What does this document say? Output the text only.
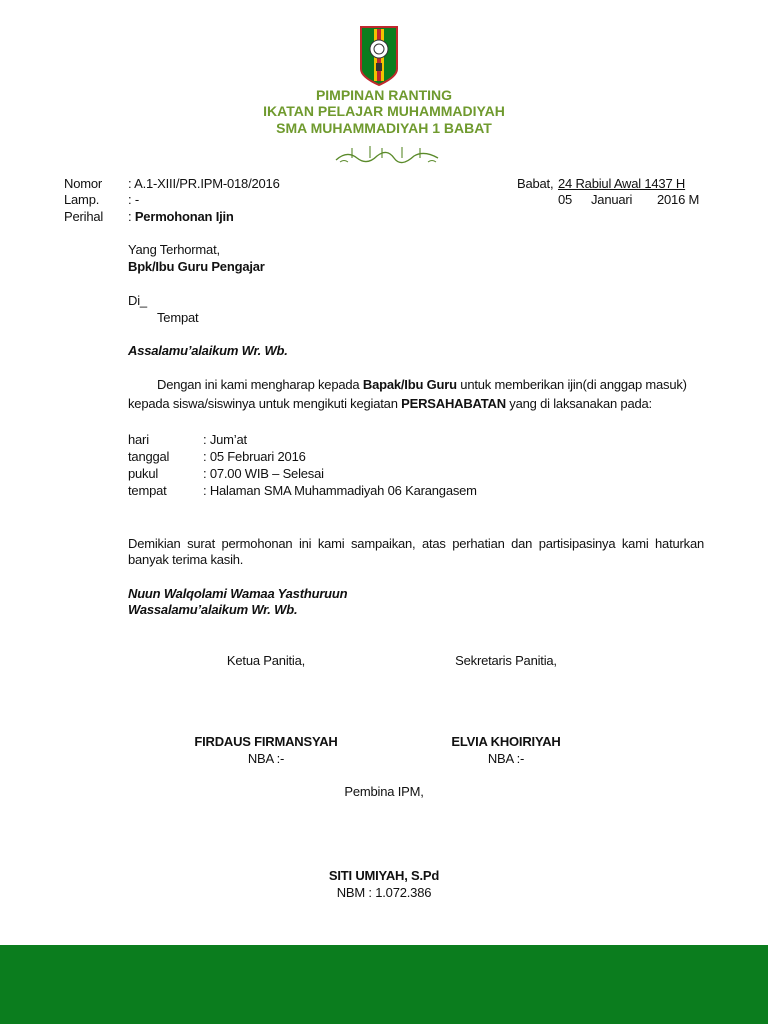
PIMPINAN RANTING
IKATAN PELAJAR MUHAMMADIYAH
SMA MUHAMMADIYAH 1 BABAT
Nomor : A.1-XIII/PR.IPM-018/2016
Lamp. : -
Perihal : Permohonan Ijin
Babat, 24 Rabiul Awal 1437 H
05 Januari 2016 M
Yang Terhormat,
Bpk/Ibu Guru Pengajar
Di_
Tempat
Assalamu’alaikum Wr. Wb.
Dengan ini kami mengharap kepada Bapak/Ibu Guru untuk memberikan ijin(di anggap masuk)
kepada siswa/siswinya untuk mengikuti kegiatan PERSAHABATAN yang di laksanakan pada:
hari	: Jum’at
tanggal	: 05 Februari 2016
pukul	: 07.00 WIB – Selesai
tempat	: Halaman SMA Muhammadiyah 06 Karangasem
Demikian surat permohonan ini kami sampaikan, atas perhatian dan partisipasinya kami haturkan banyak terima kasih.
Nuun Walqolami Wamaa Yasthuruun
Wassalamu’alaikum Wr. Wb.
Ketua Panitia,
FIRDAUS FIRMANSYAH
NBA :-
Sekretaris Panitia,
ELVIA KHOIRIYAH
NBA :-
Pembina IPM,
SITI UMIYAH, S.Pd
NBM : 1.072.386
